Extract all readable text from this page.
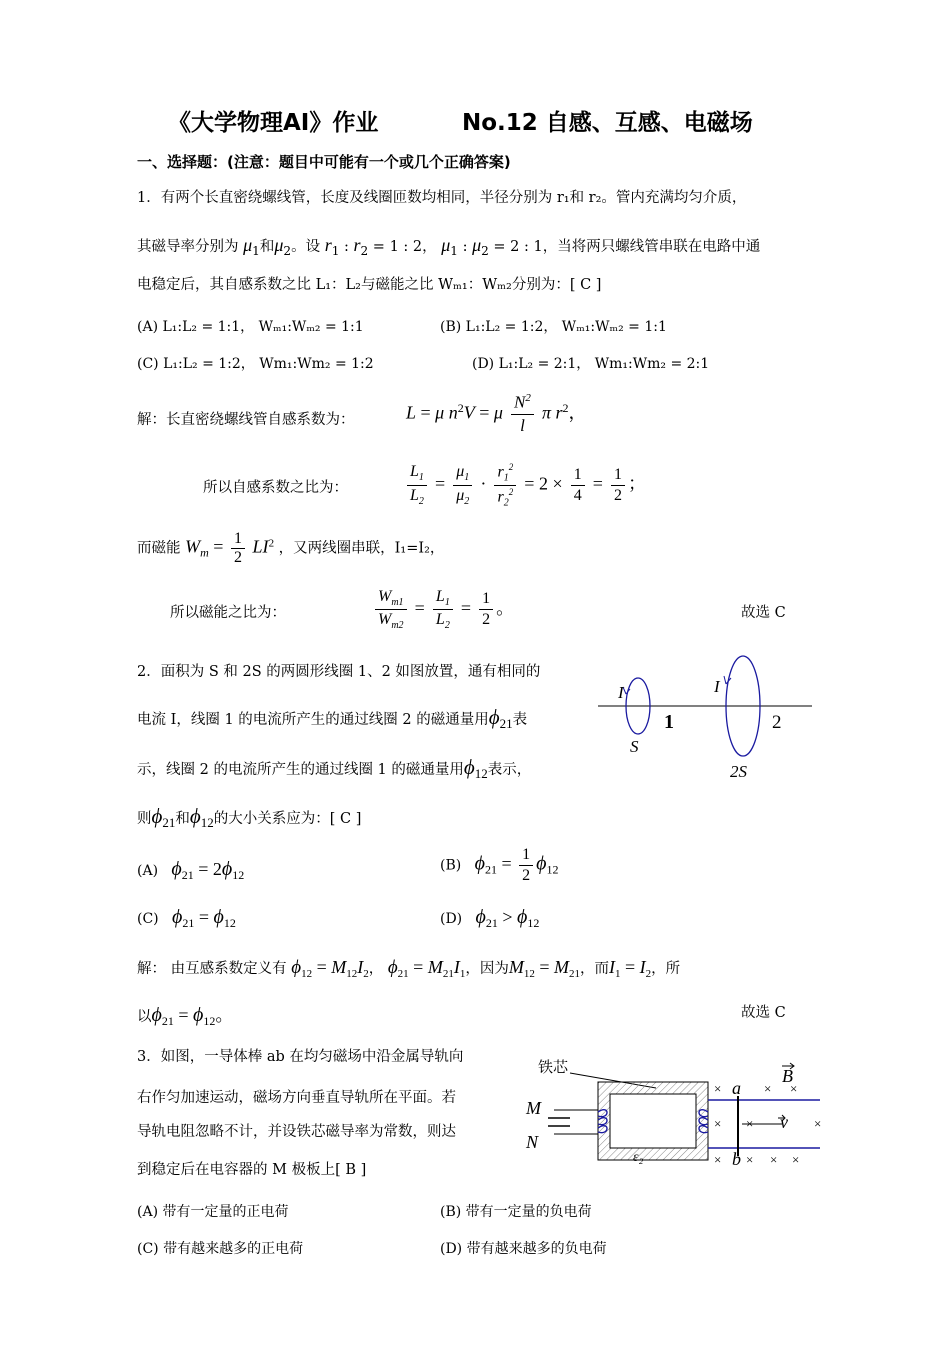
《大学物理AI》作业	No.12 自感、互感、电磁场
一、选择题：(注意：题目中可能有一个或几个正确答案)
1．有两个长直密绕螺线管，长度及线圈匝数均相同，半径分别为 r₁和 r₂。管内充满均匀介质，
其磁导率分别为 $\mu_1$和$\mu_2$。设 $r_1$ : $r_2 = 1$ : 2， $\mu_1$ : $\mu_2 = 2$ : 1，当将两只螺线管串联在电路中通
电稳定后，其自感系数之比 L₁：L₂与磁能之比 Wₘ₁：Wₘ₂分别为：[ C ]
(A) L₁:L₂ = 1:1， Wₘ₁:Wₘ₂ = 1:1	(B) L₁:L₂ = 1:2， Wₘ₁:Wₘ₂ = 1:1
(C) L₁:L₂ = 1:2， Wm₁:Wm₂ = 1:2	(D) L₁:L₂ = 2:1， Wm₁:Wm₂ = 2:1
解：长直密绕螺线管自感系数为：	L = μ $n^2V = \mu \frac{N^2}{l}$ π $r^2$，
所以自感系数之比为：	$\frac{L_1}{L_2} = \frac{\mu_1}{\mu_2} \cdot \frac{r_1^2}{r_2^2} = 2 \times \frac{1}{4} = \frac{1}{2}$ ；
而磁能 $W_m = \frac{1}{2} LI^2$ ，又两线圈串联，I₁=I₂，
所以磁能之比为：	$\frac{W_{m1}}{W_{m2}} = \frac{L_1}{L_2} = \frac{1}{2}$ 。	故选 C
2．面积为 S 和 2S 的两圆形线圈 1、2 如图放置，通有相同的
电流 I，线圈 1 的电流所产生的通过线圈 2 的磁通量用$\phi_{21}$表
示，线圈 2 的电流所产生的通过线圈 1 的磁通量用$\phi_{12}$表示，
则$\phi_{21}$和$\phi_{12}$的大小关系应为：[ C ]
(A) $\phi_{21} = 2\phi_{12}$
(B) $\phi_{21} = \frac{1}{2} \phi_{12}$
(C) $\phi_{21} = \phi_{12}$	(D) $\phi_{21} > \phi_{12}$
解： 由互感系数定义有 $\phi_{12} = M_{12}I_2$， $\phi_{21} = M_{21}I_1$，因为$M_{12} = M_{21}$，而$I_1 = I_2$，所
以$\phi_{21} = \phi_{12}$。	故选 C
I	I
1	2
S
2S
3．如图，一导体棒 ab 在均匀磁场中沿金属导轨向
右作匀加速运动，磁场方向垂直导轨所在平面。若
导轨电阻忽略不计，并设铁芯磁导率为常数，则达
到稳定后在电容器的 M 极板上[ B ]
(A) 带有一定量的正电荷	(B) 带有一定量的负电荷
(C) 带有越来越多的正电荷	(D) 带有越来越多的负电荷
铁芯
M
N
ε₂
a
b
B
v
×	× ×
× ×	×
× × × ×
